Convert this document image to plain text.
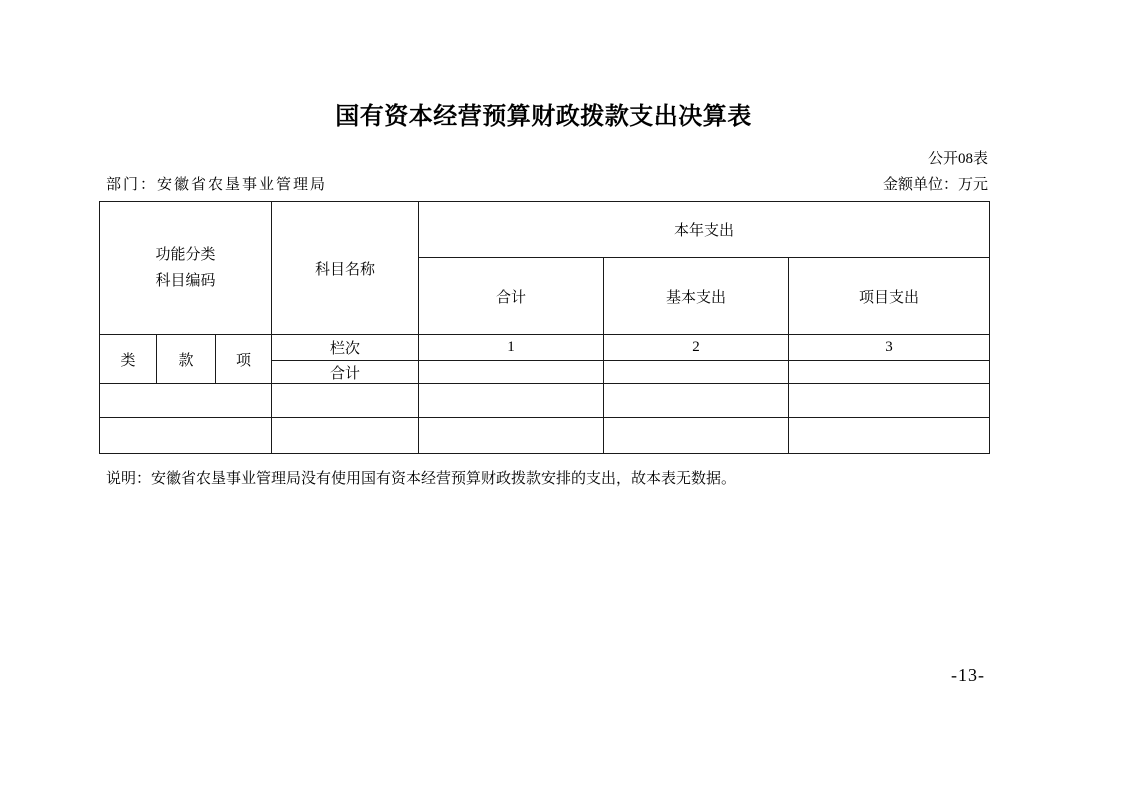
国有资本经营预算财政拨款支出决算表
公开08表
部门：安徽省农垦事业管理局	金额单位：万元
功能分类
科目编码			科目名称	本年支出		
				合计	基本支出	项目支出
类	款	项	栏次	1	2	3
			合计			

说明：安徽省农垦事业管理局没有使用国有资本经营预算财政拨款安排的支出，故本表无数据。
-13-
